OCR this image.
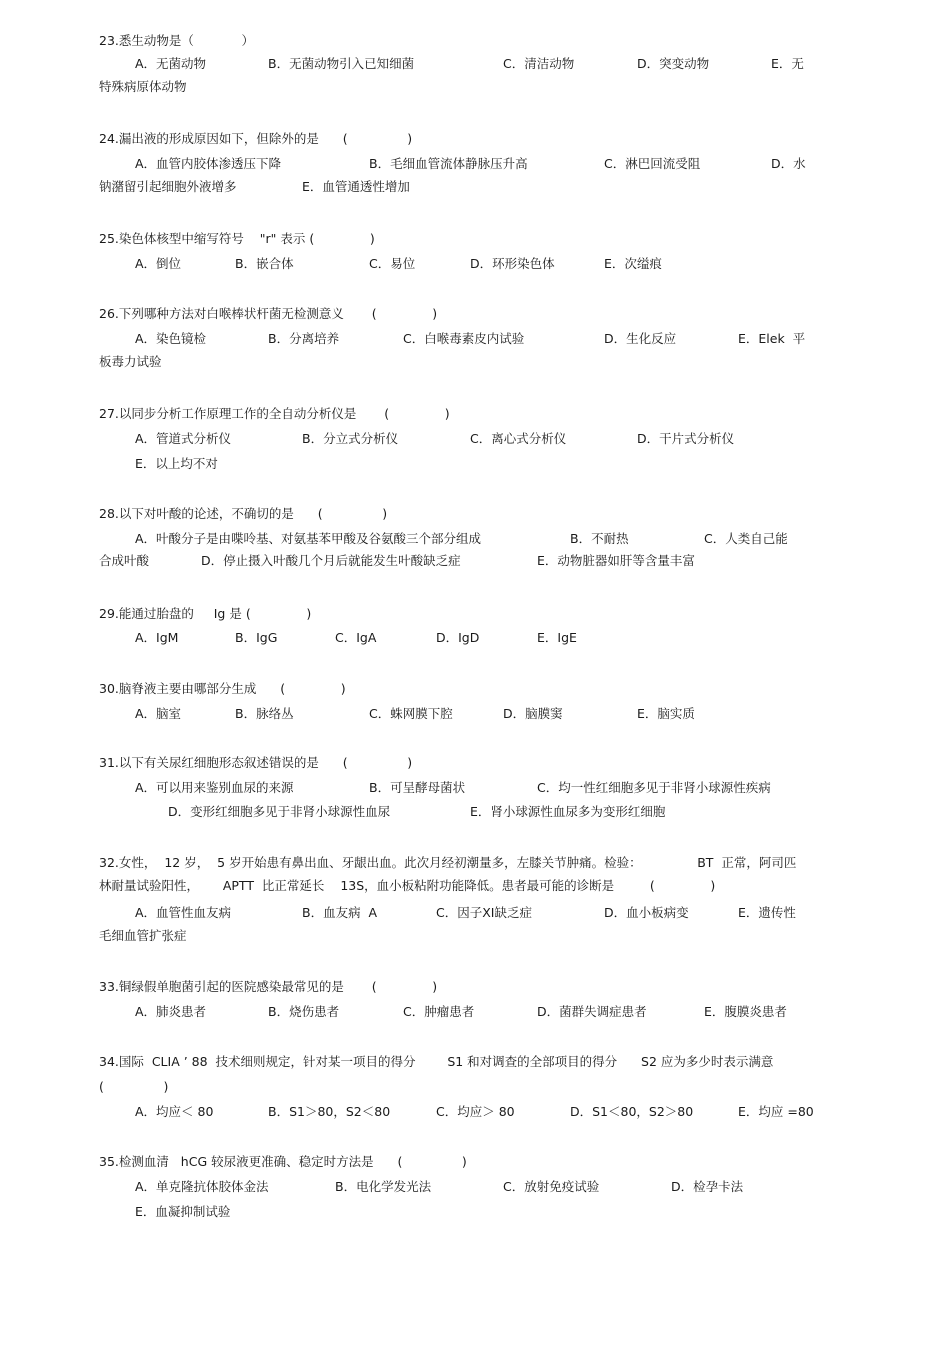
23.悉生动物是（            ）
A．无菌动物	B．无菌动物引入已知细菌	C．清洁动物	D．突变动物	E．无
特殊病原体动物
24.漏出液的形成原因如下，但除外的是      (               )
A．血管内胶体渗透压下降	B．毛细血管流体静脉压升高	C．淋巴回流受阻	D．水
钠潴留引起细胞外液增多	E．血管通透性增加
25.染色体核型中缩写符号    "r" 表示 (              )
A．倒位	B．嵌合体	C．易位	D．环形染色体	E．次缢痕
26.下列哪种方法对白喉棒状杆菌无检测意义       (              )
A．染色镜检	B．分离培养	C．白喉毒素皮内试验	D．生化反应	E．Elek  平
板毒力试验
27.以同步分析工作原理工作的全自动分析仪是       (              )
A．管道式分析仪	B．分立式分析仪	C．离心式分析仪	D．干片式分析仪
E．以上均不对
28.以下对叶酸的论述，不确切的是      (               )
A．叶酸分子是由喋呤基、对氨基苯甲酸及谷氨酸三个部分组成	B．不耐热	C．人类自己能
合成叶酸	D．停止摄入叶酸几个月后就能发生叶酸缺乏症	E．动物脏器如肝等含量丰富
29.能通过胎盘的     Ig 是 (              )
A．IgM	B．IgG	C．IgA	D．IgD	E．IgE
30.脑脊液主要由哪部分生成      (              )
A．脑室	B．脉络丛	C．蛛网膜下腔	D．脑膜窦	E．脑实质
31.以下有关尿红细胞形态叙述错误的是      (               )
A．可以用来鉴别血尿的来源	B．可呈酵母菌状	C．均一性红细胞多见于非肾小球源性疾病
D．变形红细胞多见于非肾小球源性血尿	E．肾小球源性血尿多为变形红细胞
32.女性，  12 岁，  5 岁开始患有鼻出血、牙龈出血。此次月经初潮量多，左膝关节肿痛。检验：              BT  正常，阿司匹
林耐量试验阳性，      APTT  比正常延长    13S，血小板粘附功能降低。患者最可能的诊断是         (              )
A．血管性血友病	B．血友病  A	C．因子XI缺乏症	D．血小板病变	E．遗传性
毛细血管扩张症
33.铜绿假单胞菌引起的医院感染最常见的是       (              )
A．肺炎患者	B．烧伤患者	C．肿瘤患者	D．菌群失调症患者	E．腹膜炎患者
34.国际  CLIA ’ 88  技术细则规定，针对某一项目的得分        S1 和对调查的全部项目的得分      S2 应为多少时表示满意
(               )
A．均应＜ 80	B．S1＞80，S2＜80	C．均应＞ 80	D．S1＜80，S2＞80	E．均应 =80
35.检测血清   hCG 较尿液更准确、稳定时方法是      (               )
A．单克隆抗体胶体金法	B．电化学发光法	C．放射免疫试验	D．检孕卡法
E．血凝抑制试验
